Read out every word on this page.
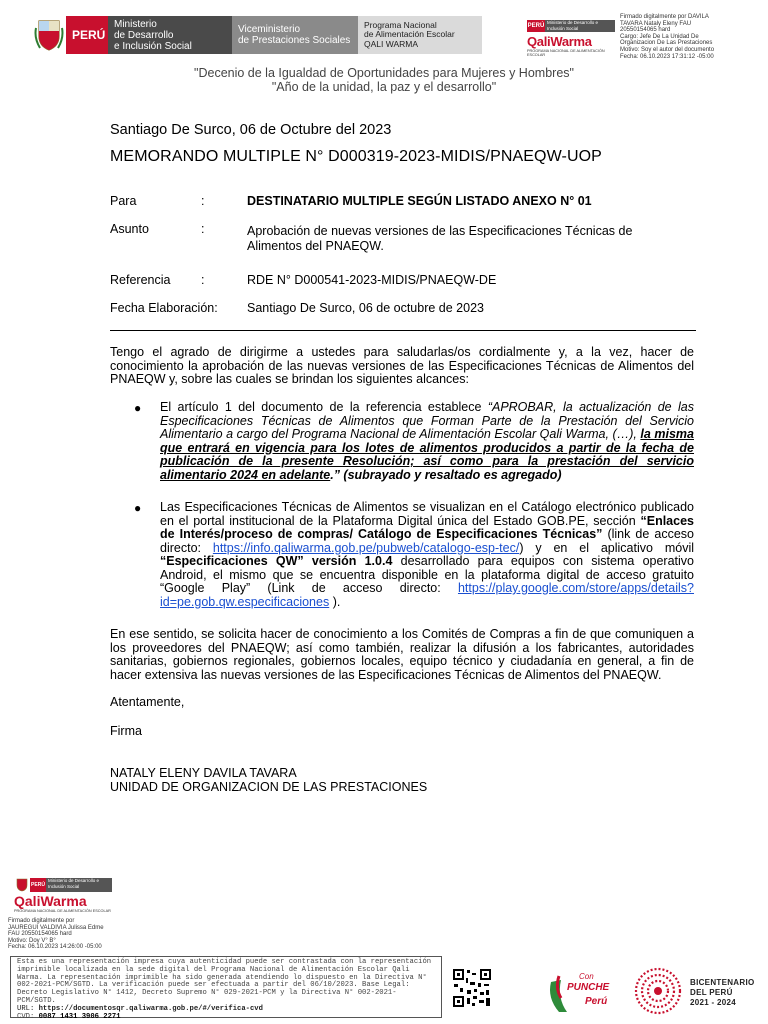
PERÚ
Ministerio
de Desarrollo
e Inclusión Social
Viceministerio
de Prestaciones Sociales
Programa Nacional
de Alimentación Escolar
QALI WARMA
PERÚ
Ministerio de Desarrollo e Inclusión Social
QaliWarma
PROGRAMA NACIONAL DE ALIMENTACIÓN ESCOLAR
Firmado digitalmente por DAVILA
TAVARA Nataly Eleny FAU
20550154065 hard
Cargo: Jefe De La Unidad De
Organizacion De Las Prestaciones
Motivo: Soy el autor del documento
Fecha: 06.10.2023 17:31:12 -05:00
"Decenio de la Igualdad de Oportunidades para Mujeres y Hombres"
"Año de la unidad, la paz y el desarrollo"
Santiago De Surco, 06 de Octubre del 2023
MEMORANDO MULTIPLE N° D000319-2023-MIDIS/PNAEQW-UOP
Para	:	DESTINATARIO MULTIPLE SEGÚN LISTADO ANEXO N° 01
Asunto	:	Aprobación de nuevas versiones de las Especificaciones Técnicas de
Alimentos del PNAEQW.
Referencia :	RDE N° D000541-2023-MIDIS/PNAEQW-DE
Fecha Elaboración: Santiago De Surco, 06 de octubre de 2023
Tengo el agrado de dirigirme a ustedes para saludarlas/os cordialmente y, a la vez, hacer de conocimiento la aprobación de las nuevas versiones de las Especificaciones Técnicas de Alimentos del PNAEQW y, sobre las cuales se brindan los siguientes alcances:
● El artículo 1 del documento de la referencia establece “APROBAR, la actualización de las Especificaciones Técnicas de Alimentos que Forman Parte de la Prestación del Servicio Alimentario a cargo del Programa Nacional de Alimentación Escolar Qali Warma, (…), la misma que entrará en vigencia para los lotes de alimentos producidos a partir de la fecha de publicación de la presente Resolución; así como para la prestación del servicio alimentario 2024 en adelante.” (subrayado y resaltado es agregado)
● Las Especificaciones Técnicas de Alimentos se visualizan en el Catálogo electrónico publicado en el portal institucional de la Plataforma Digital única del Estado GOB.PE, sección “Enlaces de Interés/proceso de compras/ Catálogo de Especificaciones Técnicas” (link de acceso directo: https://info.qaliwarma.gob.pe/pubweb/catalogo-esp-tec/) y en el aplicativo móvil “Especificaciones QW” versión 1.0.4 desarrollado para equipos con sistema operativo Android, el mismo que se encuentra disponible en la plataforma digital de acceso gratuito “Google Play” (Link de acceso directo: https://play.google.com/store/apps/details?id=pe.gob.qw.especificaciones ).
En ese sentido, se solicita hacer de conocimiento a los Comités de Compras a fin de que comuniquen a los proveedores del PNAEQW; así como también, realizar la difusión a los fabricantes, autoridades sanitarias, gobiernos regionales, gobiernos locales, equipo técnico y ciudadanía en general, a fin de hacer extensiva las nuevas versiones de las Especificaciones Técnicas de Alimentos del PNAEQW.
Atentamente,
Firma
NATALY ELENY DAVILA TAVARA
UNIDAD DE ORGANIZACION DE LAS PRESTACIONES
PERÚ
Ministerio de Desarrollo e Inclusión Social
QaliWarma
PROGRAMA NACIONAL DE ALIMENTACIÓN ESCOLAR
Firmado digitalmente por
JAUREGUI VALDIVIA Julissa Edme
FAU 20550154065 hard
Motivo: Doy V° B°
Fecha: 06.10.2023 14:26:00 -05:00
Esta es una representación impresa cuya autenticidad puede ser contrastada con la representación imprimible localizada en la sede digital del Programa Nacional de Alimentación Escolar Qali Warma. La representación imprimible ha sido generada atendiendo lo dispuesto en la Directiva N° 002-2021-PCM/SGTD. La verificación puede ser efectuada a partir del 06/10/2023. Base Legal: Decreto Legislativo N° 1412, Decreto Supremo N° 029-2021-PCM y la Directiva N° 002-2021-PCM/SGTD.
URL: https://documentosqr.qaliwarma.gob.pe/#/verifica-cvd
CVD: 0087 1431 3906 2271
Con
PUNCHE
Perú
BICENTENARIO
DEL PERÚ
2021 - 2024
